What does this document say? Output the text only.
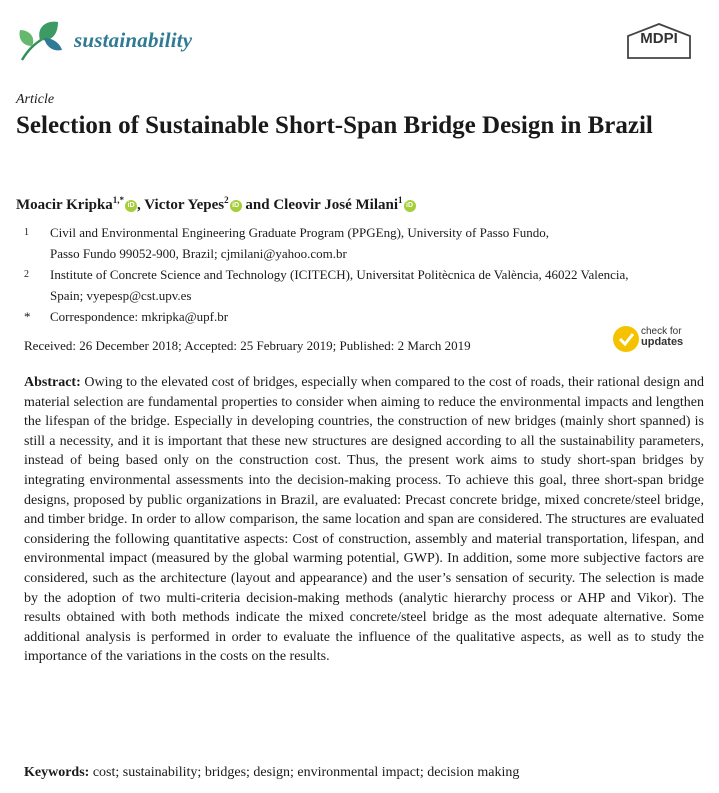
sustainability	MDPI
Article
Selection of Sustainable Short-Span Bridge Design in Brazil
Moacir Kripka$^{1,*}$iD , Victor Yepes$^2$iD and Cleovir José Milani$^1$iD
1	Civil and Environmental Engineering Graduate Program (PPGEng), University of Passo Fundo,
Passo Fundo 99052-900, Brazil; cjmilani@yahoo.com.br
2	Institute of Concrete Science and Technology (ICITECH), Universitat Politècnica de València, 46022 Valencia,
Spain; vyepesp@cst.upv.es
*	Correspondence: mkripka@upf.br
Received: 26 December 2018; Accepted: 25 February 2019; Published: 2 March 2019
check for
updates

Abstract: Owing to the elevated cost of bridges, especially when compared to the cost of roads, their rational design and material selection are fundamental properties to consider when aiming to reduce the environmental impacts and lengthen the lifespan of the bridge. Especially in developing countries, the construction of new bridges (mainly short spanned) is still a necessity, and it is important that these new structures are designed according to all the sustainability parameters, instead of being based only on the construction cost. Thus, the present work aims to study short-span bridges by integrating environmental assessments into the decision-making process. To achieve this goal, three short-span bridge designs, proposed by public organizations in Brazil, are evaluated: Precast concrete bridge, mixed concrete/steel bridge, and timber bridge. In order to allow comparison, the same location and span are considered. The structures are evaluated considering the following quantitative aspects: Cost of construction, assembly and material transportation, lifespan, and environmental impact (measured by the global warming potential, GWP). In addition, some more subjective factors are considered, such as the architecture (layout and appearance) and the user’s sensation of security. The selection is made by the adoption of two multi-criteria decision-making methods (analytic hierarchy process or AHP and Vikor). The results obtained with both methods indicate the mixed concrete/steel bridge as the most adequate alternative. Some additional analysis is performed in order to evaluate the influence of the qualitative aspects, as well as to study the importance of the variations in the costs on the results.

Keywords: cost; sustainability; bridges; design; environmental impact; decision making
